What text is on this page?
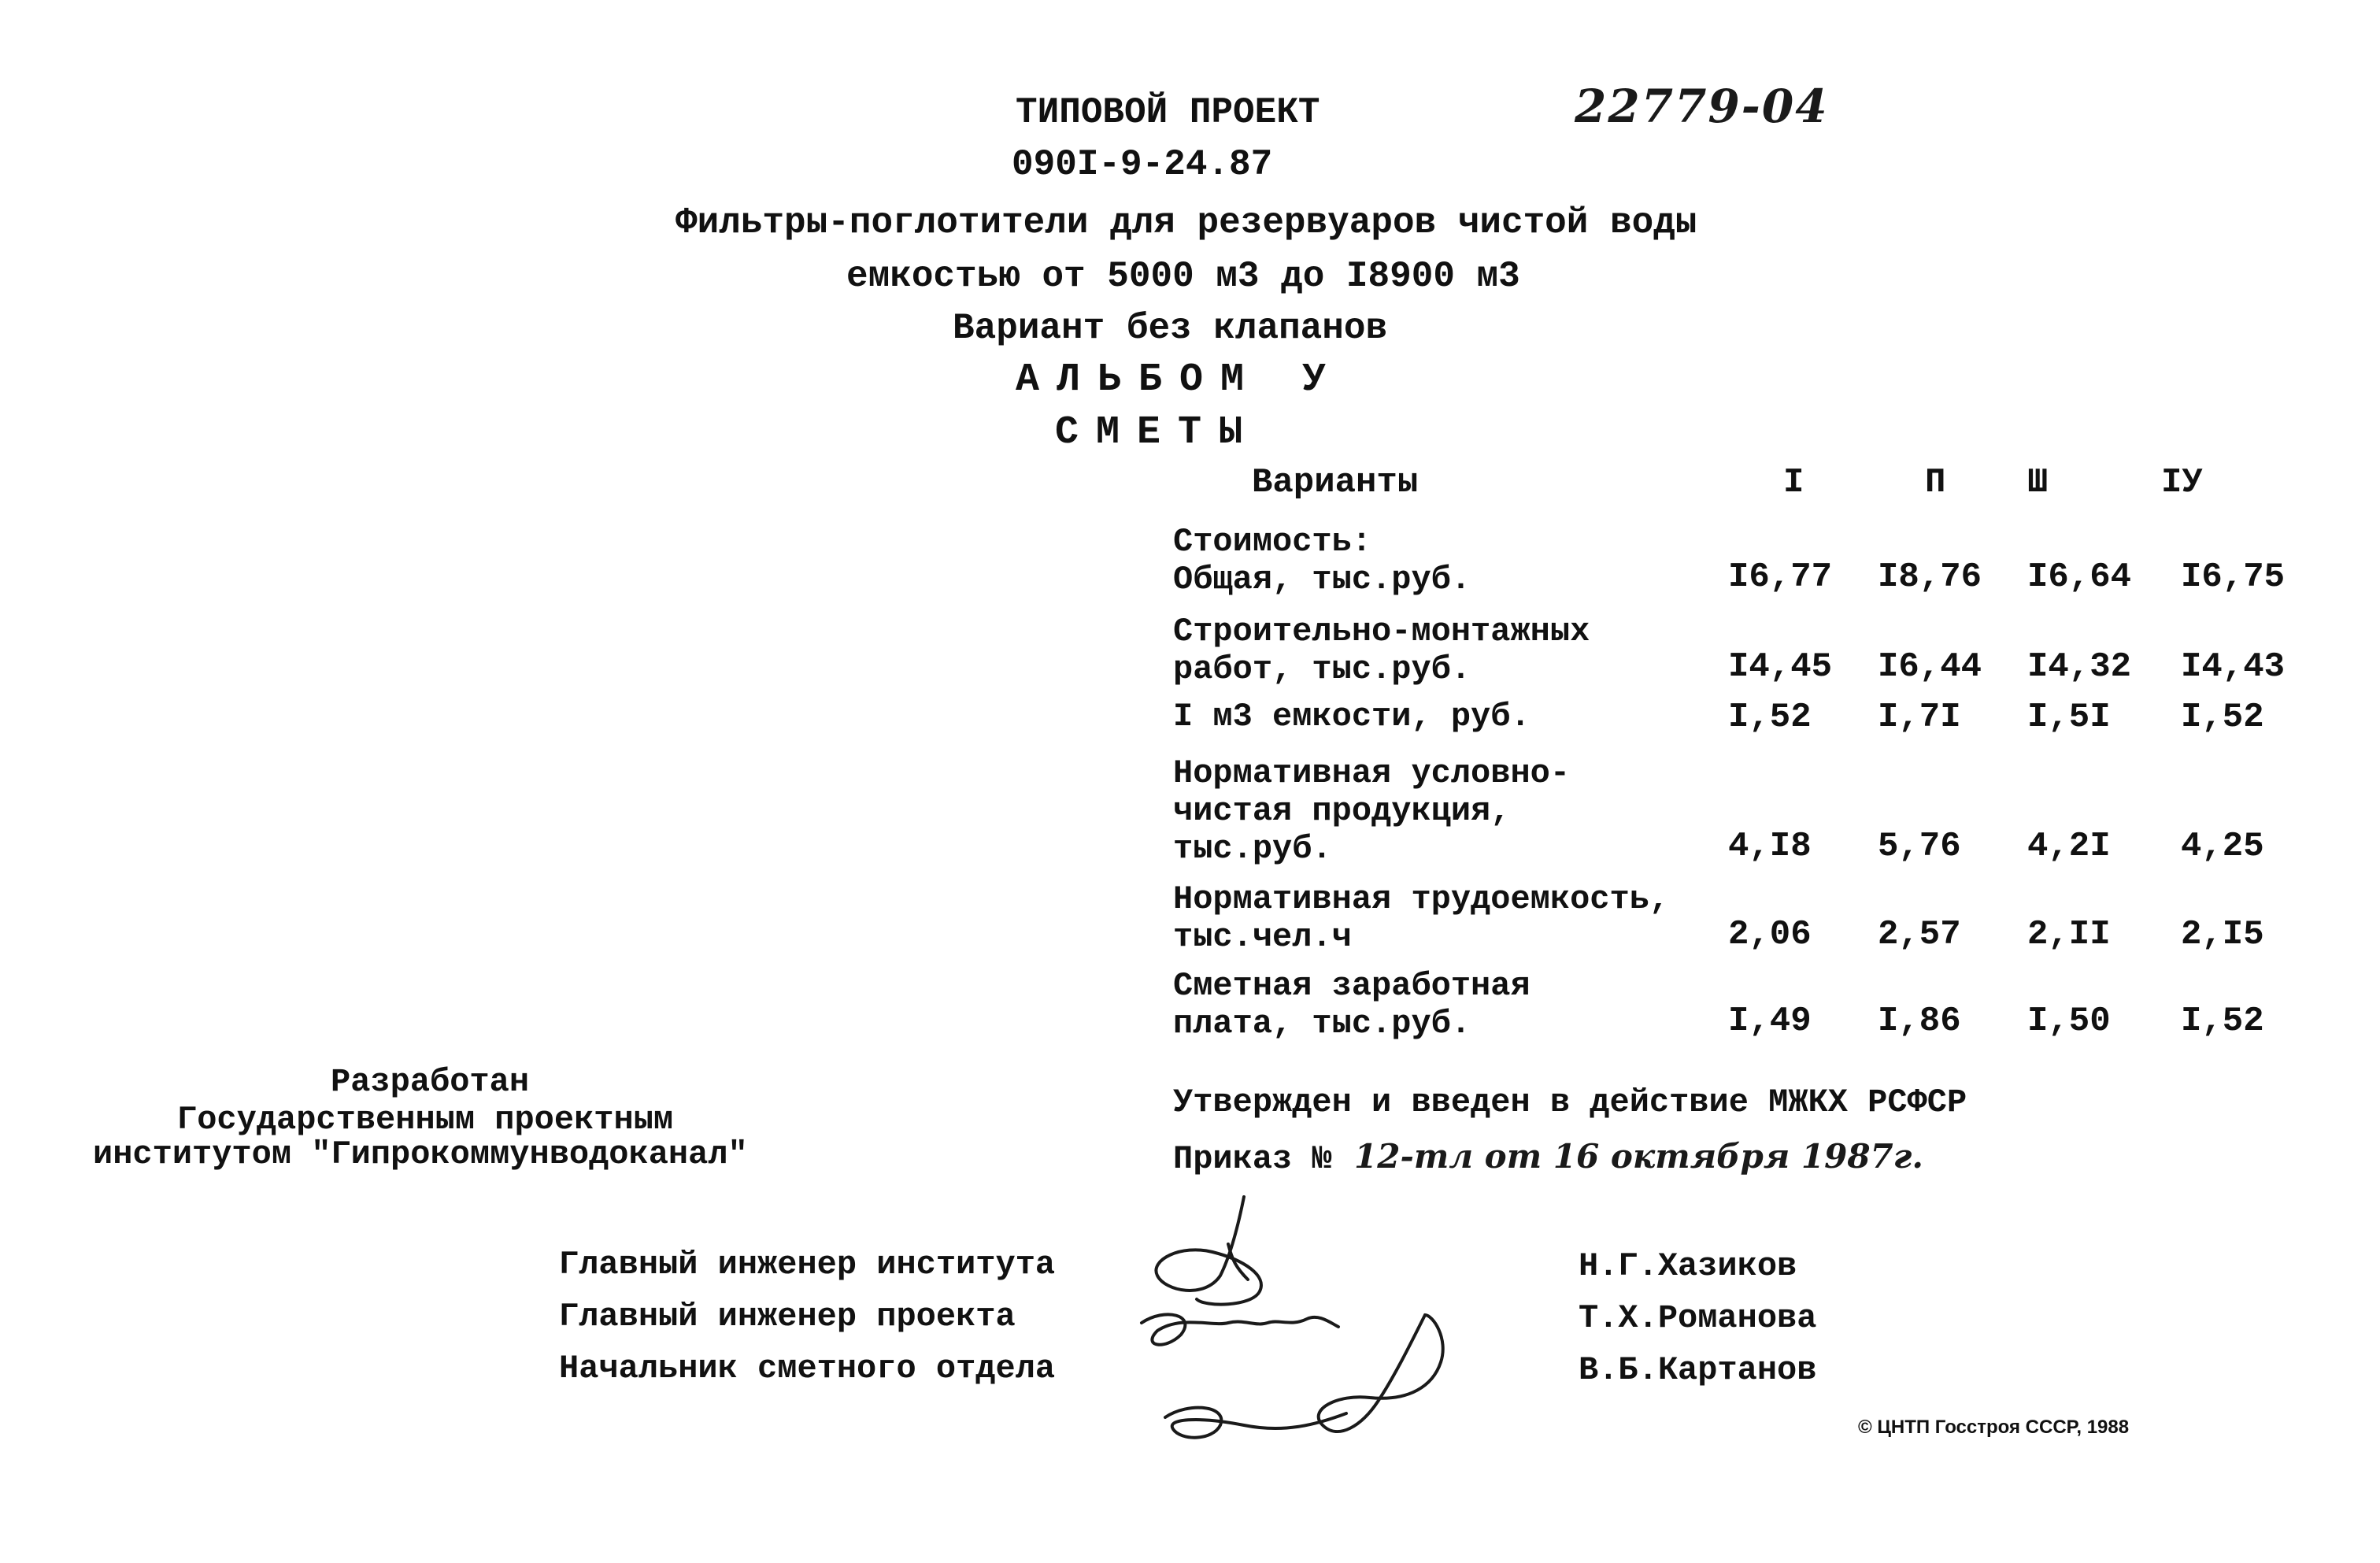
ТИПОВОЙ ПРОЕКТ	22779-04
090I-9-24.87
Фильтры-поглотители для резервуаров чистой воды
емкостью от 5000 м3 до I8900 м3
Вариант без клапанов
АЛЬБОМ У
СМЕТЫ
Варианты	I	П Ш	IУ
Стоимость:
Общая, тыс.руб.	I6,77 I8,76 I6,64 I6,75
Строительно-монтажных
работ, тыс.руб.	I4,45 I6,44 I4,32 I4,43
I м3 емкости, руб.	I,52 I,7I I,5I I,52
Нормативная условно-
чистая продукция,
тыс.руб.	4,I8 5,76 4,2I 4,25
Нормативная трудоемкость,
тыс.чел.ч	2,06 2,57 2,II 2,I5
Сметная заработная
плата, тыс.руб.	I,49 I,86 I,50 I,52
Разработан
Государственным проектным
институтом "Гипрокоммунводоканал"
Утвержден и введен в действие МЖКХ РСФСР
Приказ № 12-тл от 16 октября 1987г.
Главный инженер института
Главный инженер проекта
Начальник сметного отдела
Н.Г.Хазиков
Т.Х.Романова
В.Б.Картанов
© ЦНТП Госстроя СССР, 1988
